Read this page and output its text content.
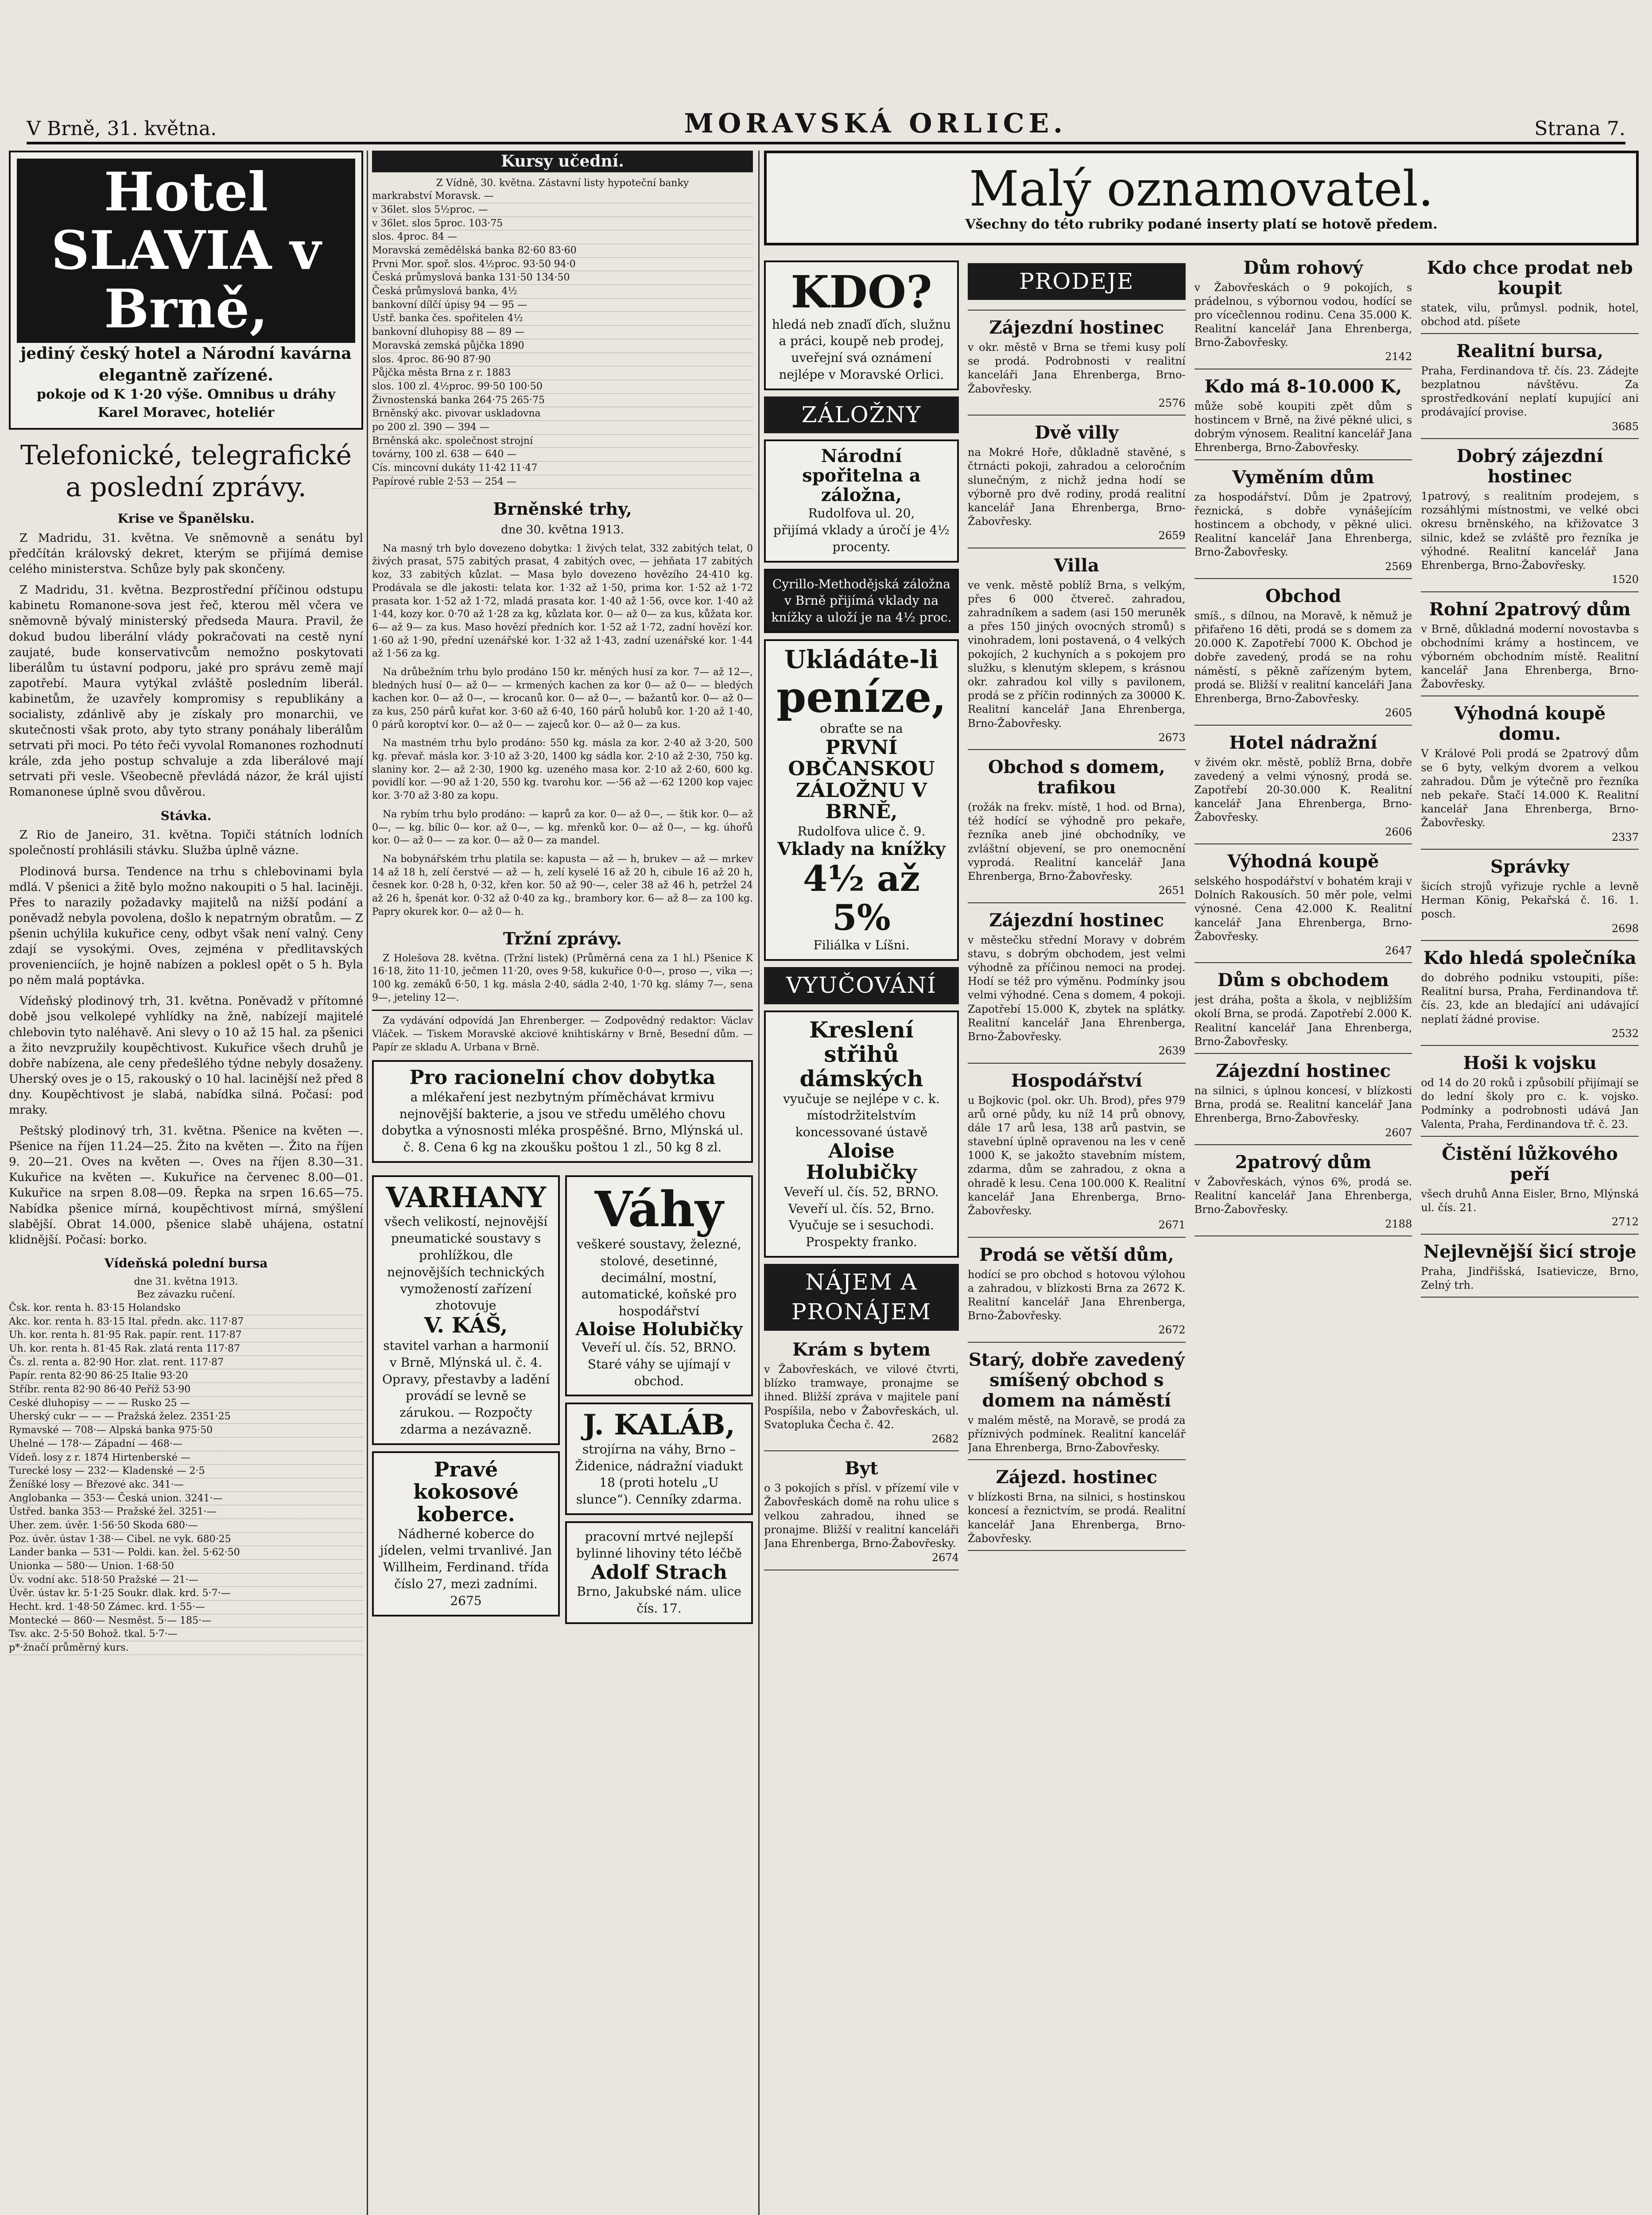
V Brně, 31. května.	MORAVSKÁ ORLICE.	Strana 7.
Hotel SLAVIA v Brně,
jediný český hotel a Národní kavárna
elegantně zařízené.
pokoje od K 1·20 výše. Omnibus u dráhy
Karel Moravec, hoteliér
Telefonické, telegrafické a poslední zprávy.
Krise ve Španělsku.

Z Madridu, 31. května. Ve sněmovně a senátu byl předčítán královský dekret, kterým se přijímá demise celého ministerstva. Schůze byly pak skončeny.

Z Madridu, 31. května. Bezprostřední příčinou odstupu kabinetu Romanone-sova jest řeč, kterou měl včera ve sněmovně bývalý ministerský předseda Maura. Pravil, že dokud budou liberální vlády pokračovati na cestě nyní zaujaté, bude konservativcům nemožno poskytovati liberálům tu ústavní podporu, jaké pro správu země mají zapotřebí. Maura vytýkal zvláště posledním liberál. kabinetům, že uzavřely kompromisy s republikány a socialisty, zdánlivě aby je získaly pro monarchii, ve skutečnosti však proto, aby tyto strany ponáhaly liberálům setrvati při moci. Po této řeči vyvolal Romanones rozhodnutí krále, zda jeho postup schvaluje a zda liberálové mají setrvati při vesle. Všeobecně převládá názor, že král ujistí Romanonese úplně svou důvěrou.

Stávka.

Z Rio de Janeiro, 31. května. Topiči státních lodních společností prohlásili stávku. Služba úplně vázne.

Plodinová bursa. Tendence na trhu s chlebovinami byla mdlá. V pšenici a žitě bylo možno nakoupiti o 5 hal. laciněji. Přes to narazily požadavky majitelů na nižší podání a poněvadž nebyla povolena, došlo k nepatrným obratům. — Z pšenin uchýlila kukuřice ceny, odbyt však není valný. Ceny zdají se vysokými. Oves, zejména v předlitavských provenienciích, je hojně nabízen a poklesl opět o 5 h. Byla po něm malá poptávka.

Vídeňský plodinový trh, 31. května. Poněvadž v přítomné době jsou velkolepé vyhlídky na žně, nabízejí majitelé chlebovin tyto naléhavě. Ani slevy o 10 až 15 hal. za pšenici a žito nevzpružily koupěchtivost. Kukuřice všech druhů je dobře nabízena, ale ceny předešlého týdne nebyly dosaženy. Uherský oves je o 15, rakouský o 10 hal. lacinější než před 8 dny. Koupěchtivost je slabá, nabídka silná. Počasí: pod mraky.

Peštský plodinový trh, 31. května. Pšenice na květen —. Pšenice na říjen 11.24—25. Žito na květen —. Žito na říjen 9. 20—21. Oves na květen —. Oves na říjen 8.30—31. Kukuřice na květen —. Kukuřice na červenec 8.00—01. Kukuřice na srpen 8.08—09. Řepka na srpen 16.65—75. Nabídka pšenice mírná, koupěchtivost mírná, smýšlení slabější. Obrat 14.000, pšenice slabě uhájena, ostatní klidnější. Počasí: borko.

Vídeňská polední bursa
dne 31. května 1913.
Bez závazku ručení.
Čsk. kor. renta h. 83·15 Holandsko
Akc. kor. renta h. 83·15 Ital. předn. akc. 117·87
Uh. kor. renta h. 81·95 Rak. papír. rent. 117·87
Uh. kor. renta h. 81·45 Rak. zlatá renta 117·87
Čs. zl. renta a. 82·90 Hor. zlat. rent. 117·87
Papír. renta 82·90 86·25 Italie 93·20
Stříbr. renta 82·90 86·40 Peříž 53·90
Ceské dluhopisy — — — Rusko 25 —
Uherský cukr — — — Pražská želez. 2351·25
Rymavské — 708·— Alpská banka 975·50
Uhelné — 178·— Západní — 468·—
Vídeň. losy z r. 1874 Hirtenberské —
Turecké losy — 232·— Kladenské — 2·5
Ženíšké losy — Březové akc. 341·—
Anglobanka — 353·— Česká union. 3241·—
Ústřed. banka 353·— Pražské žel. 3251·—
Uher. zem. úvěr. 1·56·50 Skoda 680·—
Poz. úvěr. ústav 1·38·— Cibel. ne vyk. 680·25
Lander banka — 531·— Poldi. kan. žel. 5·62·50
Unionka — 580·— Union. 1·68·50
Úv. vodní akc. 518·50 Pražské — 21·—
Úvěr. ústav kr. 5·1·25 Soukr. dlak. krd. 5·7·—
Hecht. krd. 1·48·50 Zámec. krd. 1·55·—
Montecké — 860·— Nesměst. 5·— 185·—
Tsv. akc. 2·5·50 Bohož. tkal. 5·7·—
p*·žnačí průměrný kurs.
Kursy učední.
Z Vídně, 30. května. Zástavní listy hypoteční banky
markrabství Moravsk. —
v 36let. slos 5½proc. —
v 36let. slos 5proc. 103·75
slos. 4proc. 84 —
Moravská zemědělská banka 82·60 83·60
Prvni Mor. spoř. slos. 4½proc. 93·50 94·0
Česká průmyslová banka 131·50 134·50
Česká průmyslová banka, 4½
bankovní dílčí úpisy 94 — 95 —
Ustř. banka čes. spořitelen 4½
bankovní dluhopisy 88 — 89 —
Moravská zemská půjčka 1890
slos. 4proc. 86·90 87·90
Půjčka města Brna z r. 1883
slos. 100 zl. 4½proc. 99·50 100·50
Živnostenská banka 264·75 265·75
Brněnský akc. pivovar uskladovna
po 200 zl. 390 — 394 —
Brněnská akc. společnost strojní
továrny, 100 zl. 638 — 640 —
Cís. mincovní dukáty 11·42 11·47
Papírové ruble 2·53 — 254 —
Brněnské trhy,
dne 30. května 1913.

Na masný trh bylo dovezeno dobytka: 1 živých telat, 332 zabitých telat, 0 živých prasat, 575 zabitých prasat, 4 zabitých ovec, — jehňata 17 zabitých koz, 33 zabitých kůzlat. — Masa bylo dovezeno hovězího 24·410 kg. Prodávala se dle jakosti: telata kor. 1·32 až 1·50, prima kor. 1·52 až 1·72 prasata kor. 1·52 až 1·72, mladá prasata kor. 1·40 až 1·56, ovce kor. 1·40 až 1·44, kozy kor. 0·70 až 1·28 za kg, kůzlata kor. 0— až 0— za kus, kůžata kor. 6— až 9— za kus. Maso hovězí předních kor. 1·52 až 1·72, zadní hovězí kor. 1·60 až 1·90, přední uzenářské kor. 1·32 až 1·43, zadní uzenářské kor. 1·44 až 1·56 za kg.

Na drůbežním trhu bylo prodáno 150 kr. měných husí za kor. 7— až 12—, bledných husí 0— až 0— — krmených kachen za kor 0— až 0— — bledých kachen kor. 0— až 0—, — krocanů kor. 0— až 0—, — bažantů kor. 0— až 0— za kus, 250 párů kuřat kor. 3·60 až 6·40, 160 párů holubů kor. 1·20 až 1·40, 0 párů koroptví kor. 0— až 0— — zajeců kor. 0— až 0— za kus.

Na mastném trhu bylo prodáno: 550 kg. másla za kor. 2·40 až 3·20, 500 kg. převař. másla kor. 3·10 až 3·20, 1400 kg sádla kor. 2·10 až 2·30, 750 kg. slaniny kor. 2— až 2·30, 1900 kg. uzeného masa kor. 2·10 až 2·60, 600 kg. povidlí kor. —·90 až 1·20, 550 kg. tvarohu kor. —·56 až —·62 1200 kop vajec kor. 3·70 až 3·80 za kopu.

Na rybím trhu bylo prodáno: — kaprů za kor. 0— až 0—, — štik kor. 0— až 0—, — kg. bílic 0— kor. až 0—, — kg. mřenků kor. 0— až 0—, — kg. úhořů kor. 0— až 0— — za kor. 0— až 0— za mandel.

Na bobynářském trhu platila se: kapusta — až — h, brukev — až — mrkev 14 až 18 h, zelí čerstvé — až — h, zelí kyselé 16 až 20 h, cibule 16 až 20 h, česnek kor. 0·28 h, 0·32, křen kor. 50 až 90·—, celer 38 až 46 h, petržel 24 až 26 h, špenát kor. 0·32 až 0·40 za kg., brambory kor. 6— až 8— za 100 kg. Papry okurek kor. 0— až 0— h.

Tržní zprávy.

Z Holešova 28. května. (Tržní listek) (Průměrná cena za 1 hl.) Pšenice K 16·18, žito 11·10, ječmen 11·20, oves 9·58, kukuřice 0·0—, proso —, vika —; 100 kg. zemáků 6·50, 1 kg. másla 2·40, sádla 2·40, 1·70 kg. slámy 7—, sena 9—, jeteliny 12—.

Za vydávání odpovídá Jan Ehrenberger. — Zodpovědný redaktor: Václav Vláček. — Tiskem Moravské akciové knihtiskárny v Brně, Besední dům. — Papír ze skladu A. Urbana v Brně.

Pro racionelní chov dobytka
a mlékaření jest nezbytným příměchávat krmivu nejnovější bakterie, a jsou ve středu umělého chovu dobytka a výnosnosti mléka prospěšné. Brno, Mlýnská ul. č. 8. Cena 6 kg na zkoušku poštou 1 zl., 50 kg 8 zl.
VARHANY
všech velikostí, nejnovější pneumatické soustavy s prohlížkou, dle nejnovějších technických vymožeností zařízení zhotovuje
V. KÁŠ,
stavitel varhan a harmonií v Brně, Mlýnská ul. č. 4. Opravy, přestavby a ladění provádí se levně se zárukou. — Rozpočty zdarma a nezávazně.
Pravé kokosové koberce.
Nádherné koberce do jídelen, velmi trvanlivé. Jan Willheim, Ferdinand. třída číslo 27, mezi zadními.
2675
Váhy
veškeré soustavy, železné, stolové, desetinné, decimální, mostní, automatické, koňské pro hospodářství
Aloise Holubičky
Veveří ul. čís. 52, BRNO. Staré váhy se ujímají v obchod.
J. KALÁB,
strojírna na váhy, Brno – Židenice, nádražní viadukt 18 (proti hotelu „U slunce“). Cenníky zdarma.
pracovní mrtvé nejlepší bylinné lihoviny této léčbě
Adolf Strach
Brno, Jakubské nám. ulice čís. 17.
Malý oznamovatel.
Všechny do této rubriky podané inserty platí se hotově předem.
KDO?
hledá neb znaďí ďích, služnu a práci, koupě neb prodej, uveřejní svá oznámení nejlépe v Moravské Orlici.
ZÁLOŽNY
Národní spořitelna a záložna,
Rudolfova ul. 20,
přijímá vklady a úročí je 4½ procenty.
Cyrillo-Methodějská záložna v Brně přijímá vklady na knížky a uloží je na 4½ proc.
Ukládáte-li
peníze,
obraťte se na
PRVNÍ OBČANSKOU ZÁLOŽNU V BRNĚ,
Rudolfova ulice č. 9.
Vklady na knížky
4½ až 5%
Filiálka v Líšni.
VYUČOVÁNÍ
Kreslení střihů dámských
vyučuje se nejlépe v c. k. místodržitelstvím koncessované ústavě
Aloise Holubičky
Veveří ul. čís. 52, BRNO. Veveří ul. čís. 52, Brno. Vyučuje se i sesuchodi.
Prospekty franko.
NÁJEM A PRONÁJEM
Krám s bytem
v Žabovřeskách, ve vilové čtvrti, blízko tramwaye, pronajme se ihned. Bližší zpráva v majitele paní Pospíšila, nebo v Žabovřeskách, ul. Svatopluka Čecha č. 42.
2682
Byt
o 3 pokojích s přísl. v přízemí vile v Žabovřeskách domě na rohu ulice s velkou zahradou, ihned se pronajme. Bližší v realitní kanceláři Jana Ehrenberga, Brno-Žabovřesky.
2674
PRODEJE
Zájezdní hostinec
v okr. městě v Brna se třemi kusy polí se prodá. Podrobnosti v realitní kanceláři Jana Ehrenberga, Brno-Žabovřesky.
2576
Dvě villy
na Mokré Hoře, důkladně stavěné, s čtrnácti pokoji, zahradou a celoročním slunečným, z nichž jedna hodí se výborně pro dvě rodiny, prodá realitní kancelář Jana Ehrenberga, Brno-Žabovřesky.
2659
Villa
ve venk. městě poblíž Brna, s velkým, přes 6 000 čtvereč. zahradou, zahradníkem a sadem (asi 150 meruněk a přes 150 jiných ovocných stromů) s vinohradem, loni postavená, o 4 velkých pokojích, 2 kuchyních a s pokojem pro služku, s klenutým sklepem, s krásnou okr. zahradou kol villy s pavilonem, prodá se z příčin rodinných za 30000 K. Realitní kancelář Jana Ehrenberga, Brno-Žabovřesky.
2673
Obchod s domem, trafikou
(rožák na frekv. místě, 1 hod. od Brna), též hodící se výhodně pro pekaře, řezníka aneb jiné obchodníky, ve zvláštní objevení, se pro onemocnění vyprodá. Realitní kancelář Jana Ehrenberga, Brno-Žabovřesky.
2651
Zájezdní hostinec
v městečku střední Moravy v dobrém stavu, s dobrým obchodem, jest velmi výhodně za příčinou nemoci na prodej. Hodí se též pro výměnu. Podmínky jsou velmi výhodné. Cena s domem, 4 pokoji. Zapotřebí 15.000 K, zbytek na splátky. Realitní kancelář Jana Ehrenberga, Brno-Žabovřesky.
2639
Hospodářství
u Bojkovic (pol. okr. Uh. Brod), přes 979 arů orné půdy, ku níž 14 prů obnovy, dále 17 arů lesa, 138 arů pastvin, se stavební úplně opravenou na les v ceně 1000 K, se jakožto stavebním místem, zdarma, dům se zahradou, z okna a ohradě k lesu. Cena 100.000 K. Realitní kancelář Jana Ehrenberga, Brno-Žabovřesky.
2671
Prodá se větší dům,
hodící se pro obchod s hotovou výlohou a zahradou, v blízkosti Brna za 2672 K. Realitní kancelář Jana Ehrenberga, Brno-Žabovřesky.
2672
Starý, dobře zavedený smíšený obchod s domem na náměstí
v malém městě, na Moravě, se prodá za příznivých podmínek. Realitní kancelář Jana Ehrenberga, Brno-Žabovřesky.
Zájezd. hostinec
v blízkosti Brna, na silnici, s hostinskou koncesí a řeznictvím, se prodá. Realitní kancelář Jana Ehrenberga, Brno-Žabovřesky.
Dům rohový
v Žabovřeskách o 9 pokojích, s prádelnou, s výbornou vodou, hodící se pro vícečlennou rodinu. Cena 35.000 K. Realitní kancelář Jana Ehrenberga, Brno-Žabovřesky.
2142
Kdo má 8-10.000 K,
může sobě koupiti zpět dům s hostincem v Brně, na živé pěkné ulici, s dobrým výnosem. Realitní kancelář Jana Ehrenberga, Brno-Žabovřesky.
Vyměním dům
za hospodářství. Dům je 2patrový, řeznická, s dobře vynášejícím hostincem a obchody, v pěkné ulici. Realitní kancelář Jana Ehrenberga, Brno-Žabovřesky.
2569
Obchod
smíš., s dílnou, na Moravě, k němuž je přifařeno 16 děti, prodá se s domem za 20.000 K. Zapotřebí 7000 K. Obchod je dobře zavedený, prodá se na rohu náměstí, s pěkně zařízeným bytem, prodá se. Bližší v realitní kanceláři Jana Ehrenberga, Brno-Žabovřesky.
2605
Hotel nádražní
v živém okr. městě, poblíž Brna, dobře zavedený a velmi výnosný, prodá se. Zapotřebí 20-30.000 K. Realitní kancelář Jana Ehrenberga, Brno-Žabovřesky.
2606
Výhodná koupě
selského hospodářství v bohatém kraji v Dolních Rakousích. 50 měr pole, velmi výnosné. Cena 42.000 K. Realitní kancelář Jana Ehrenberga, Brno-Žabovřesky.
2647
Dům s obchodem
jest dráha, pošta a škola, v nejbližším okolí Brna, se prodá. Zapotřebí 2.000 K. Realitní kancelář Jana Ehrenberga, Brno-Žabovřesky.
Zájezdní hostinec
na silnici, s úplnou koncesí, v blízkosti Brna, prodá se. Realitní kancelář Jana Ehrenberga, Brno-Žabovřesky.
2607
2patrový dům
v Žabovřeskách, výnos 6%, prodá se. Realitní kancelář Jana Ehrenberga, Brno-Žabovřesky.
2188
Kdo chce prodat neb koupit
statek, vilu, průmysl. podnik, hotel, obchod atd. píšete
Realitní bursa,
Praha, Ferdinandova tř. čís. 23. Zádejte bezplatnou návštěvu. Za sprostředkování neplatí kupující ani prodávající provise.
3685
Dobrý zájezdní hostinec
1patrový, s realitním prodejem, s rozsáhlými místnostmi, ve velké obci okresu brněnského, na křižovatce 3 silnic, kdež se zvláště pro řezníka je výhodné. Realitní kancelář Jana Ehrenberga, Brno-Žabovřesky.
1520
Rohní 2patrový dům
v Brně, důkladná moderní novostavba s obchodními krámy a hostincem, ve výborném obchodním místě. Realitní kancelář Jana Ehrenberga, Brno-Žabovřesky.
Výhodná koupě domu.
V Králové Poli prodá se 2patrový dům se 6 byty, velkým dvorem a velkou zahradou. Dům je výtečně pro řezníka neb pekaře. Stačí 14.000 K. Realitní kancelář Jana Ehrenberga, Brno-Žabovřesky.
2337
Správky
šicích strojů vyřizuje rychle a levně Herman König, Pekařská č. 16. 1. posch.
2698
Kdo hledá společníka
do dobrého podniku vstoupiti, píše: Realitní bursa, Praha, Ferdinandova tř. čís. 23, kde an bledající ani udávající neplatí žádné provise.
2532
Hoši k vojsku
od 14 do 20 roků i způsobilí přijímají se do lední školy pro c. k. vojsko. Podmínky a podrobnosti udává Jan Valenta, Praha, Ferdinandova tř. č. 23.
Čistění lůžkového peří
všech druhů Anna Eisler, Brno, Mlýnská ul. čís. 21.
2712
Nejlevnější šicí stroje
Praha, Jindřišská, Isatievicze, Brno, Zelný trh.
